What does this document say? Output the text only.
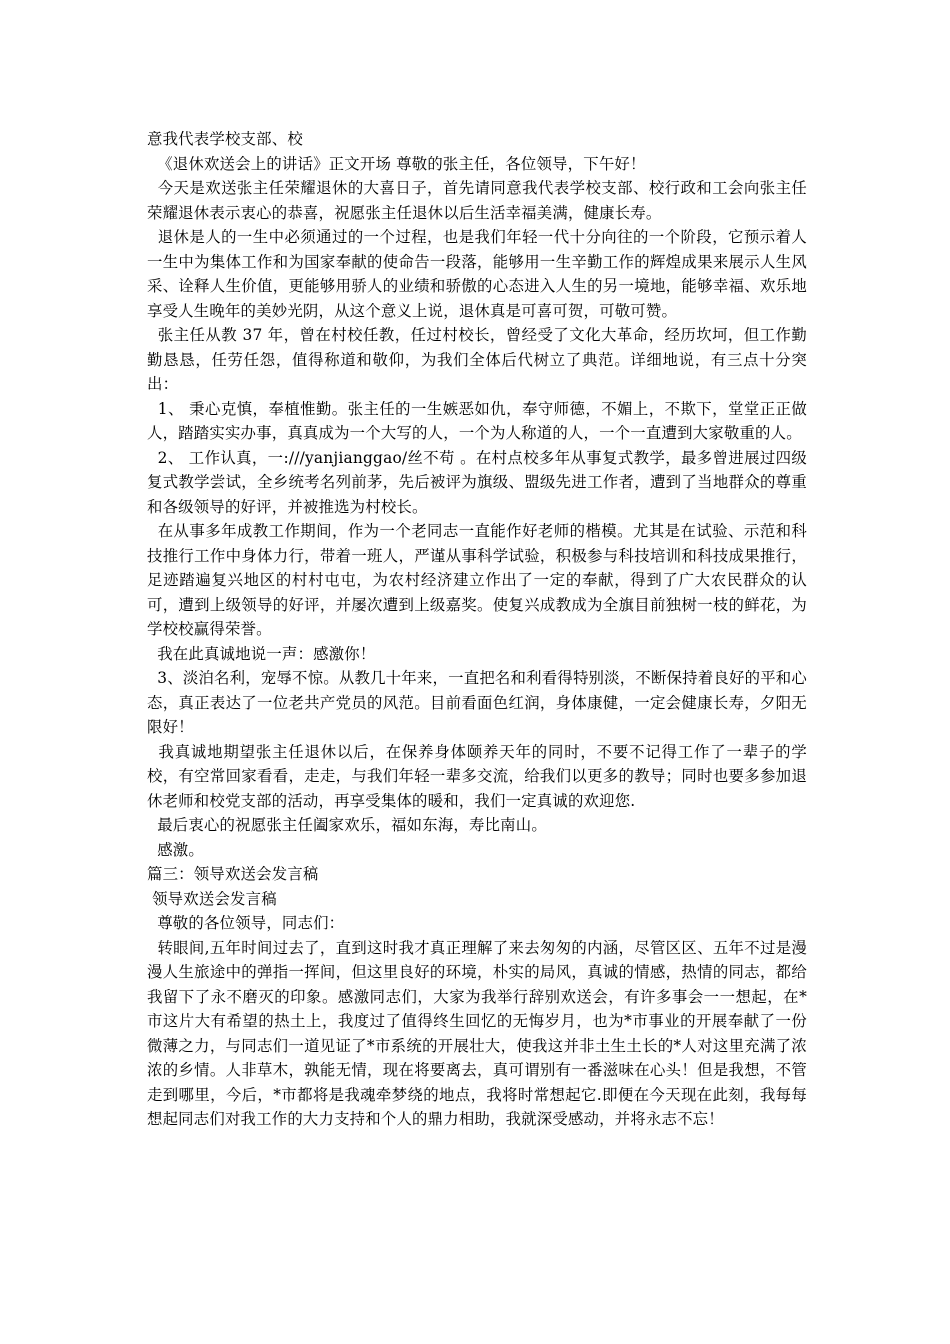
意我代表学校支部、校

《退休欢送会上的讲话》正文开场 尊敬的张主任，各位领导，下午好！

今天是欢送张主任荣耀退休的大喜日子，首先请同意我代表学校支部、校行政和工会向张主任荣耀退休表示衷心的恭喜，祝愿张主任退休以后生活幸福美满，健康长寿。

退休是人的一生中必须通过的一个过程，也是我们年轻一代十分向往的一个阶段，它预示着人一生中为集体工作和为国家奉献的使命告一段落，能够用一生辛勤工作的辉煌成果来展示人生风采、诠释人生价值，更能够用骄人的业绩和骄傲的心态进入人生的另一境地，能够幸福、欢乐地享受人生晚年的美妙光阴，从这个意义上说，退休真是可喜可贺，可敬可赞。

张主任从教 37 年，曾在村校任教，任过村校长，曾经受了文化大革命，经历坎坷，但工作勤勤恳恳，任劳任怨，值得称道和敬仰，为我们全体后代树立了典范。详细地说，有三点十分突出：

1、 秉心克慎，奉植惟勤。张主任的一生嫉恶如仇，奉守师德，不媚上，不欺下，堂堂正正做人，踏踏实实办事，真真成为一个大写的人，一个为人称道的人，一个一直遭到大家敬重的人。

2、 工作认真，一:///yanjianggao/丝不苟 。在村点校多年从事复式教学，最多曾进展过四级复式教学尝试，全乡统考名列前茅，先后被评为旗级、盟级先进工作者，遭到了当地群众的尊重和各级领导的好评，并被推选为村校长。

在从事多年成教工作期间，作为一个老同志一直能作好老师的楷模。尤其是在试验、示范和科技推行工作中身体力行，带着一班人，严谨从事科学试验，积极参与科技培训和科技成果推行，足迹踏遍复兴地区的村村屯屯，为农村经济建立作出了一定的奉献，得到了广大农民群众的认可，遭到上级领导的好评，并屡次遭到上级嘉奖。使复兴成教成为全旗目前独树一枝的鲜花，为学校校赢得荣誉。

我在此真诚地说一声：感激你！

3、淡泊名利，宠辱不惊。从教几十年来，一直把名和利看得特别淡，不断保持着良好的平和心态，真正表达了一位老共产党员的风范。目前看面色红润，身体康健，一定会健康长寿，夕阳无限好！

我真诚地期望张主任退休以后，在保养身体颐养天年的同时，不要不记得工作了一辈子的学校，有空常回家看看，走走，与我们年轻一辈多交流，给我们以更多的教导；同时也要多参加退休老师和校党支部的活动，再享受集体的暖和，我们一定真诚的欢迎您.

最后衷心的祝愿张主任阖家欢乐，福如东海，寿比南山。

感激。

篇三：领导欢送会发言稿

领导欢送会发言稿

尊敬的各位领导，同志们：

转眼间,五年时间过去了，直到这时我才真正理解了来去匆匆的内涵，尽管区区、五年不过是漫漫人生旅途中的弹指一挥间，但这里良好的环境，朴实的局风，真诚的情感，热情的同志，都给我留下了永不磨灭的印象。感激同志们，大家为我举行辞别欢送会，有许多事会一一想起，在*市这片大有希望的热土上，我度过了值得终生回忆的无悔岁月，也为*市事业的开展奉献了一份微薄之力，与同志们一道见证了*市系统的开展壮大，使我这并非土生土长的*人对这里充满了浓浓的乡情。人非草木，孰能无情，现在将要离去，真可谓别有一番滋味在心头！但是我想，不管走到哪里，今后，*市都将是我魂牵梦绕的地点，我将时常想起它.即便在今天现在此刻，我每每想起同志们对我工作的大力支持和个人的鼎力相助，我就深受感动，并将永志不忘！
